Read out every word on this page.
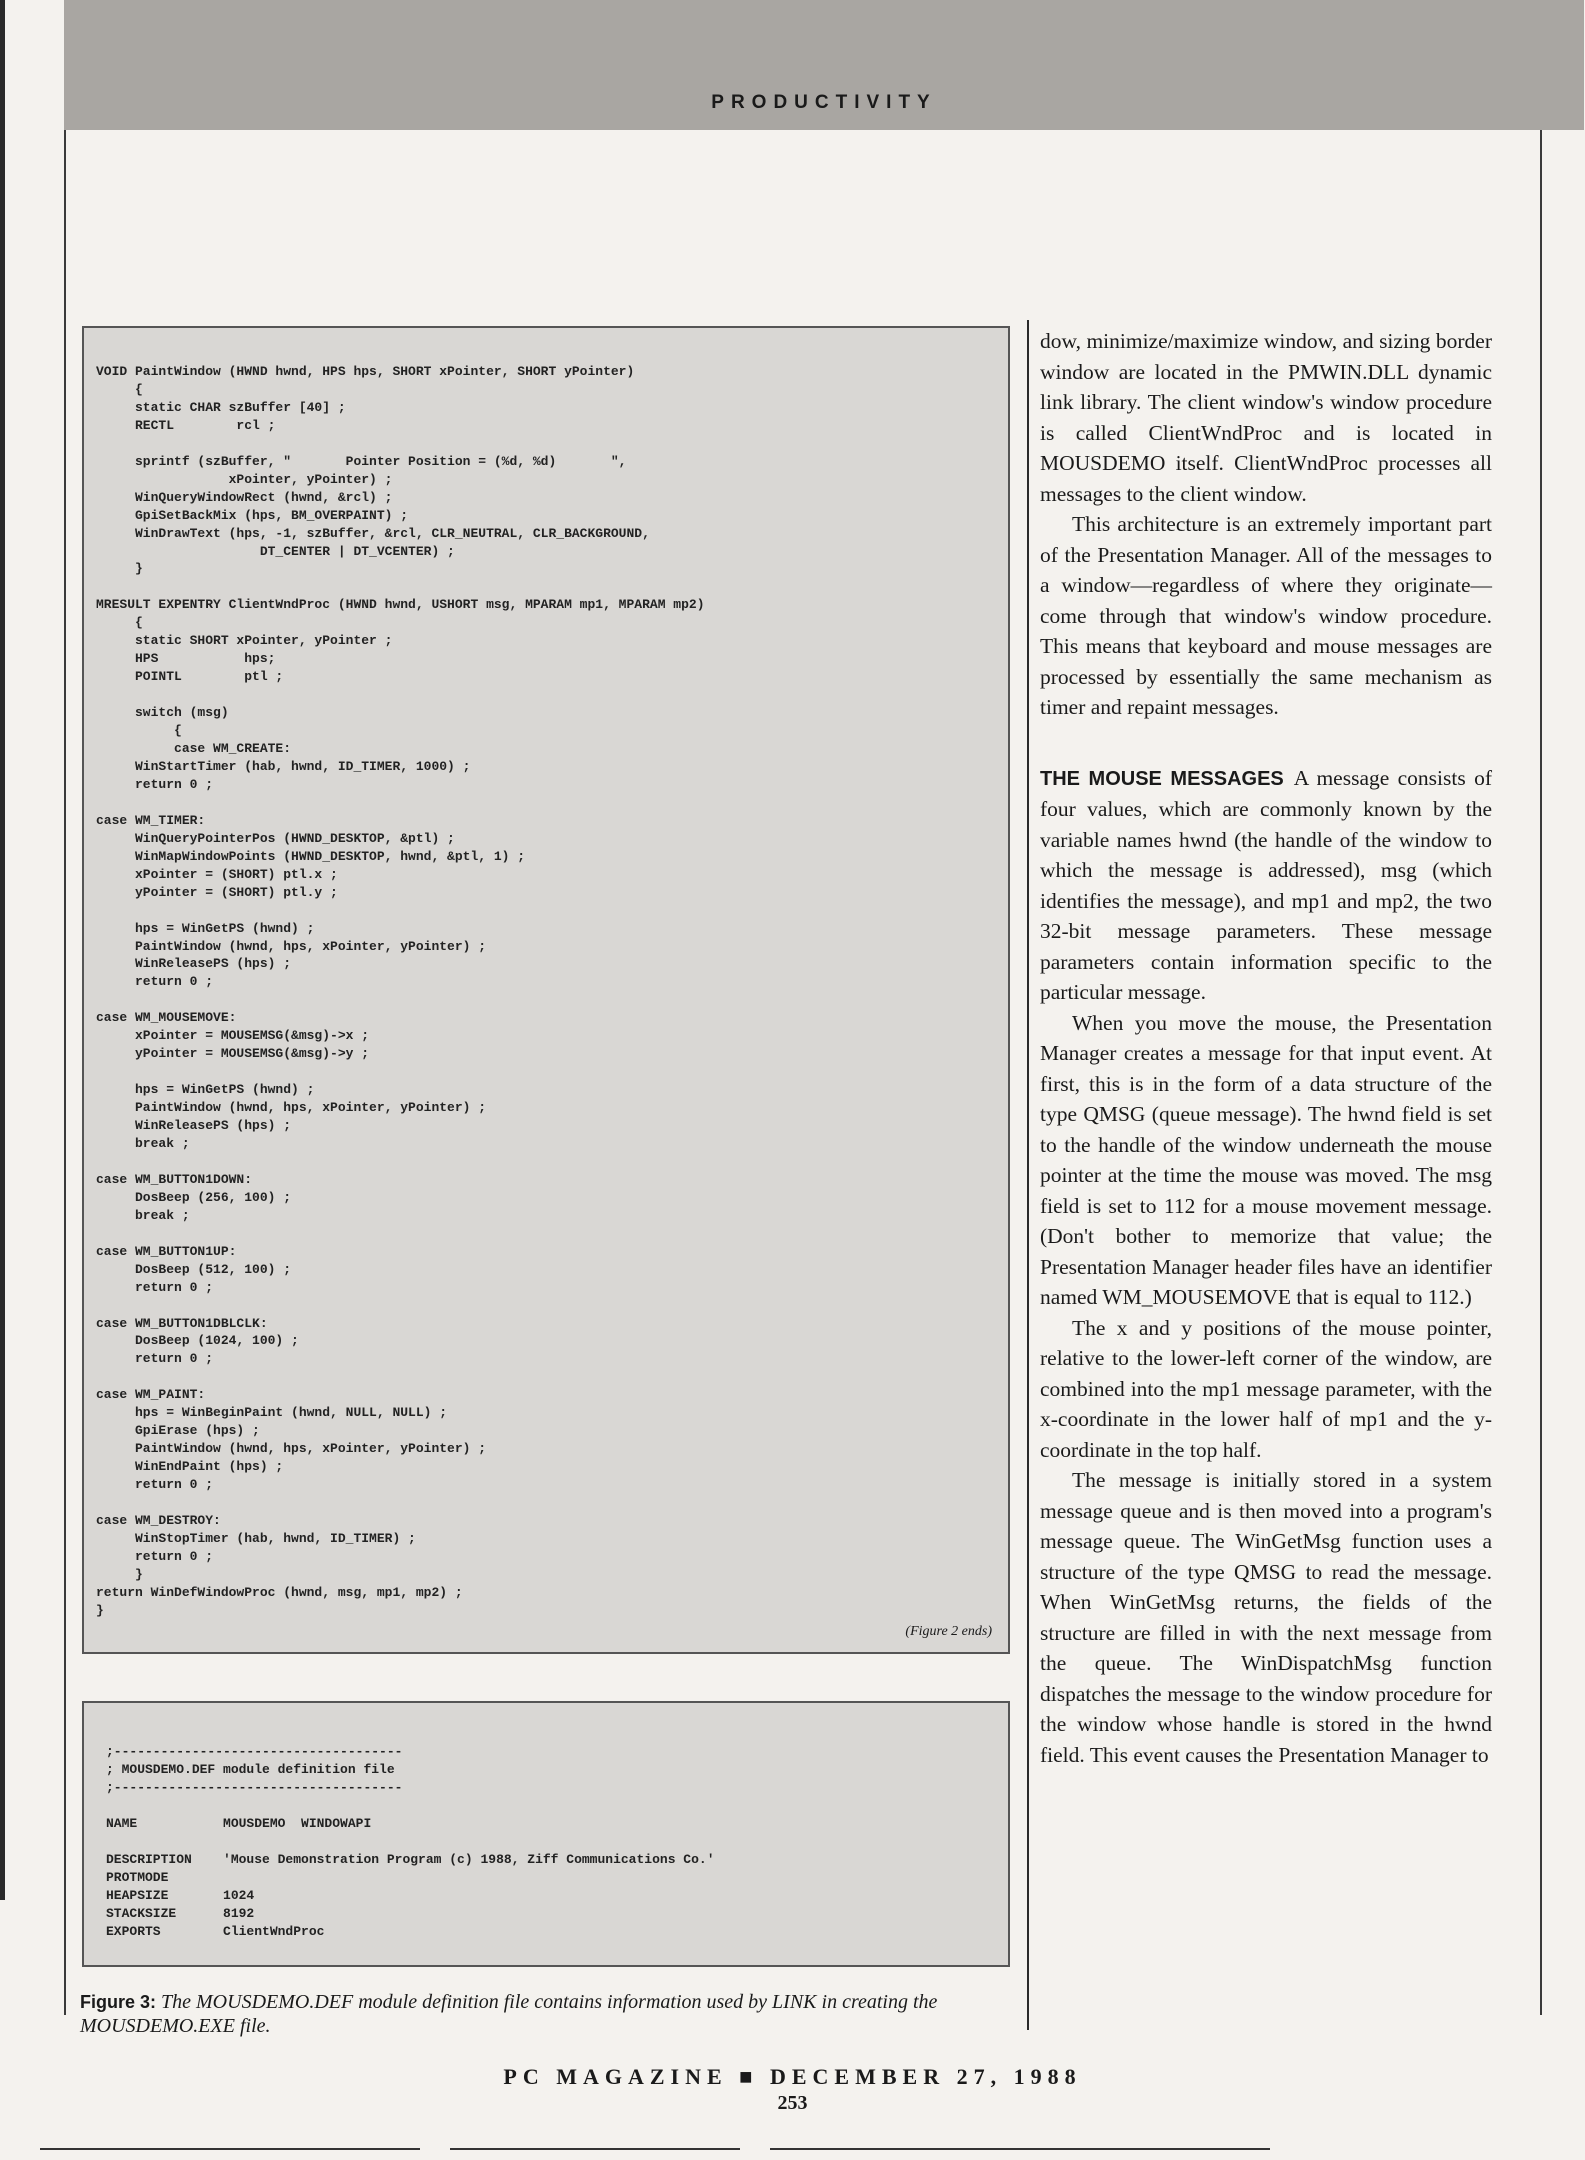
PRODUCTIVITY
VOID PaintWindow (HWND hwnd, HPS hps, SHORT xPointer, SHORT yPointer)
{
static CHAR szBuffer [40] ;
RECTL        rcl ;

sprintf (szBuffer, "       Pointer Position = (%d, %d)       ",
xPointer, yPointer) ;
WinQueryWindowRect (hwnd, &rcl) ;
GpiSetBackMix (hps, BM_OVERPAINT) ;
WinDrawText (hps, -1, szBuffer, &rcl, CLR_NEUTRAL, CLR_BACKGROUND,
DT_CENTER | DT_VCENTER) ;
}

MRESULT EXPENTRY ClientWndProc (HWND hwnd, USHORT msg, MPARAM mp1, MPARAM mp2)
{
static SHORT xPointer, yPointer ;
HPS           hps;
POINTL        ptl ;

switch (msg)
{
case WM_CREATE:
WinStartTimer (hab, hwnd, ID_TIMER, 1000) ;
return 0 ;

case WM_TIMER:
WinQueryPointerPos (HWND_DESKTOP, &ptl) ;
WinMapWindowPoints (HWND_DESKTOP, hwnd, &ptl, 1) ;
xPointer = (SHORT) ptl.x ;
yPointer = (SHORT) ptl.y ;

hps = WinGetPS (hwnd) ;
PaintWindow (hwnd, hps, xPointer, yPointer) ;
WinReleasePS (hps) ;
return 0 ;

case WM_MOUSEMOVE:
xPointer = MOUSEMSG(&msg)->x ;
yPointer = MOUSEMSG(&msg)->y ;

hps = WinGetPS (hwnd) ;
PaintWindow (hwnd, hps, xPointer, yPointer) ;
WinReleasePS (hps) ;
break ;

case WM_BUTTON1DOWN:
DosBeep (256, 100) ;
break ;

case WM_BUTTON1UP:
DosBeep (512, 100) ;
return 0 ;

case WM_BUTTON1DBLCLK:
DosBeep (1024, 100) ;
return 0 ;

case WM_PAINT:
hps = WinBeginPaint (hwnd, NULL, NULL) ;
GpiErase (hps) ;
PaintWindow (hwnd, hps, xPointer, yPointer) ;
WinEndPaint (hps) ;
return 0 ;

case WM_DESTROY:
WinStopTimer (hab, hwnd, ID_TIMER) ;
return 0 ;
}
return WinDefWindowProc (hwnd, msg, mp1, mp2) ;
}
(Figure 2 ends)
;-------------------------------------
; MOUSDEMO.DEF module definition file
;-------------------------------------

NAME           MOUSDEMO  WINDOWAPI

DESCRIPTION    'Mouse Demonstration Program (c) 1988, Ziff Communications Co.'
PROTMODE
HEAPSIZE       1024
STACKSIZE      8192
EXPORTS        ClientWndProc
Figure 3: The MOUSDEMO.DEF module definition file contains information used by LINK in creating the MOUSDEMO.EXE file.

dow, minimize/maximize window, and sizing border window are located in the PMWIN.DLL dynamic link library. The client window's window procedure is called ClientWndProc and is located in MOUSDEMO itself. ClientWndProc processes all messages to the client window.

This architecture is an extremely important part of the Presentation Manager. All of the messages to a window—regardless of where they originate—come through that window's window procedure. This means that keyboard and mouse messages are processed by essentially the same mechanism as timer and repaint messages.

THE MOUSE MESSAGES A message consists of four values, which are commonly known by the variable names hwnd (the handle of the window to which the message is addressed), msg (which identifies the message), and mp1 and mp2, the two 32-bit message parameters. These message parameters contain information specific to the particular message.

When you move the mouse, the Presentation Manager creates a message for that input event. At first, this is in the form of a data structure of the type QMSG (queue message). The hwnd field is set to the handle of the window underneath the mouse pointer at the time the mouse was moved. The msg field is set to 112 for a mouse movement message. (Don't bother to memorize that value; the Presentation Manager header files have an identifier named WM_MOUSEMOVE that is equal to 112.)

The x and y positions of the mouse pointer, relative to the lower-left corner of the window, are combined into the mp1 message parameter, with the x-coordinate in the lower half of mp1 and the y-coordinate in the top half.

The message is initially stored in a system message queue and is then moved into a program's message queue. The WinGetMsg function uses a structure of the type QMSG to read the message. When WinGetMsg returns, the fields of the structure are filled in with the next message from the queue. The WinDispatchMsg function dispatches the message to the window procedure for the window whose handle is stored in the hwnd field. This event causes the Presentation Manager to

PC MAGAZINE ■ DECEMBER 27, 1988
253
